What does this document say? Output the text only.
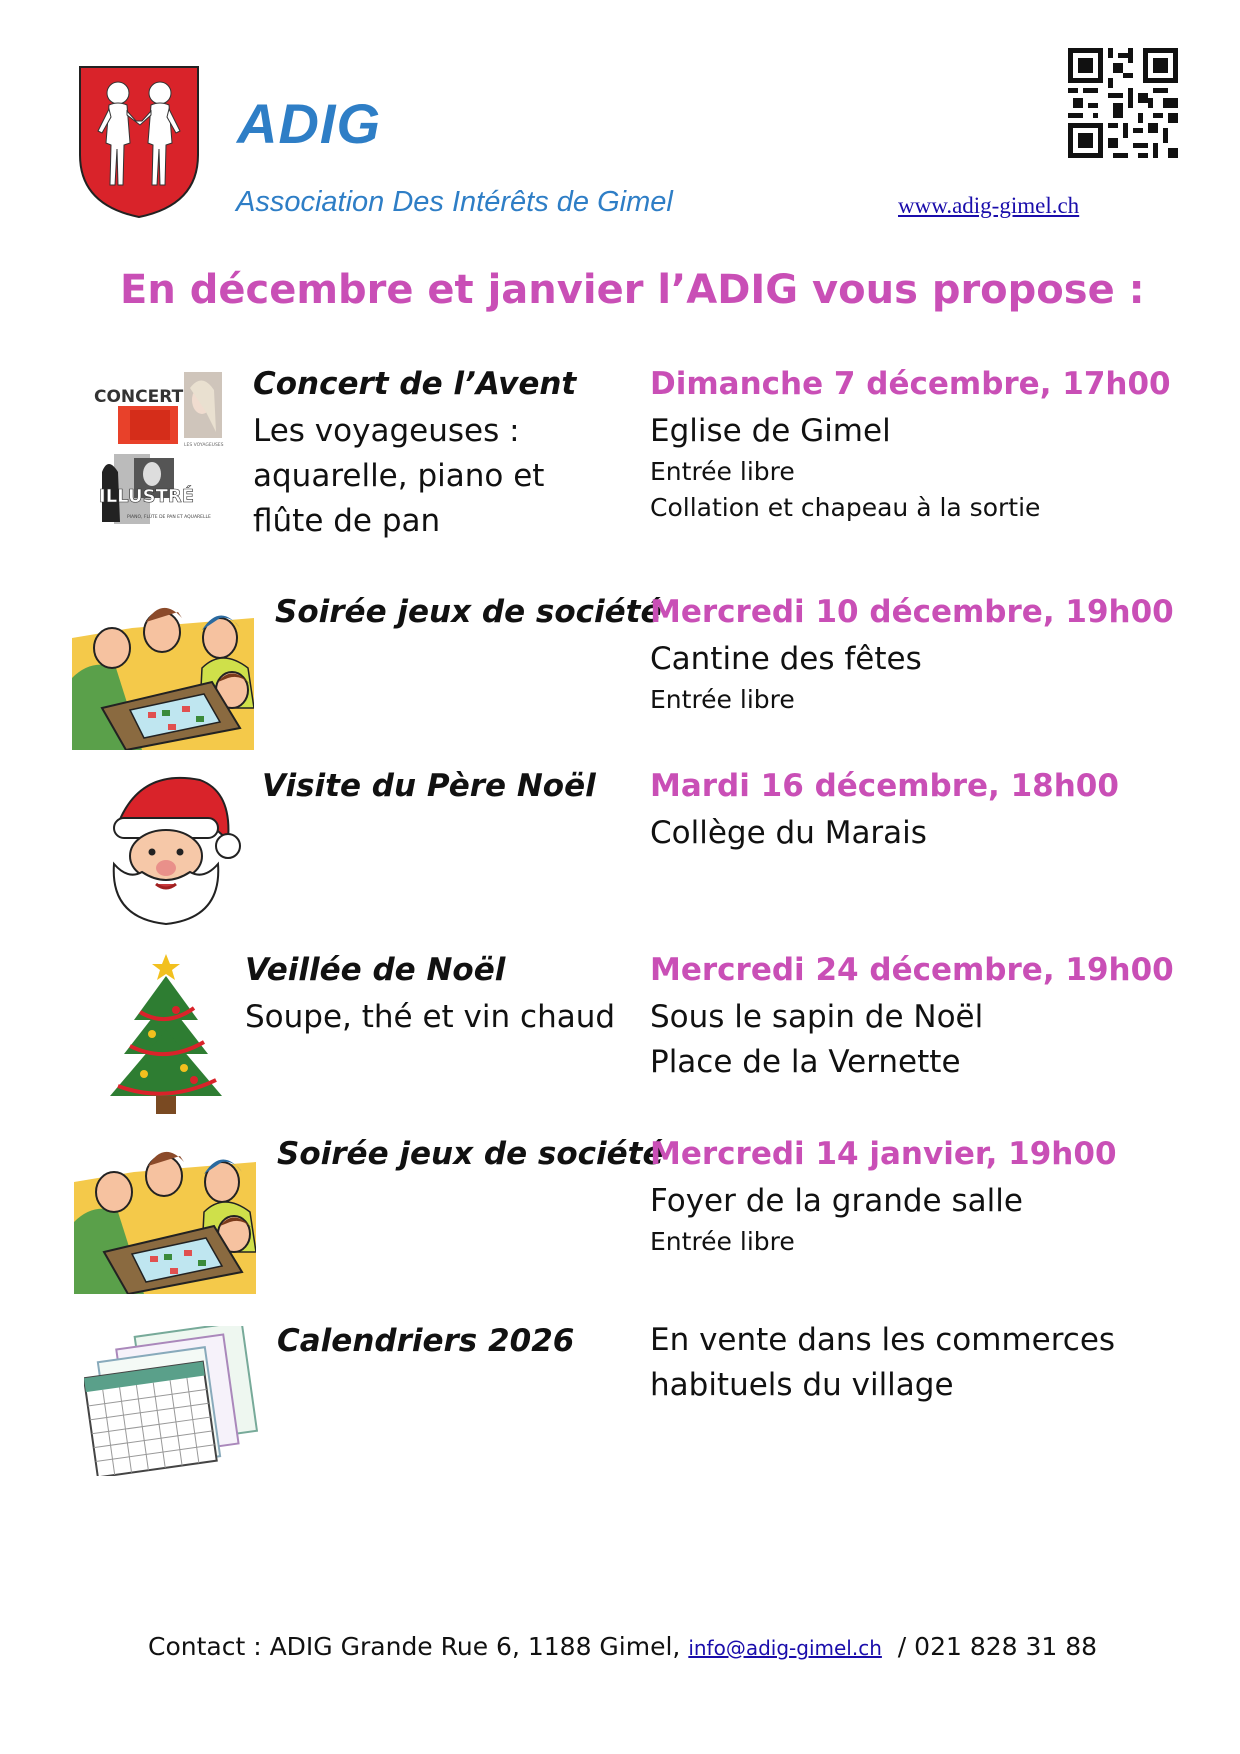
ADIG
Association Des Intérêts de Gimel	www.adig-gimel.ch
En décembre et janvier l’ADIG vous propose :
CONCERT
LES VOYAGEUSES
ILLUSTRÉ
PIANO, FLÛTE DE PAN ET AQUARELLE
Concert de l’Avent
Les voyageuses :
aquarelle, piano et
flûte de pan
Dimanche 7 décembre, 17h00
Eglise de Gimel
Entrée libre
Collation et chapeau à la sortie
Soirée jeux de société
Mercredi 10 décembre, 19h00
Cantine des fêtes
Entrée libre
Visite du Père Noël Mardi 16 décembre, 18h00
Collège du Marais
Veillée de Noël
Soupe, thé et vin chaud
Mercredi 24 décembre, 19h00
Sous le sapin de Noël
Place de la Vernette
Soirée jeux de société
Mercredi 14 janvier, 19h00
Foyer de la grande salle
Entrée libre
Calendriers 2026 En vente dans les commerces
habituels du village
Contact : ADIG Grande Rue 6, 1188 Gimel, info@adig-gimel.ch / 021 828 31 88
